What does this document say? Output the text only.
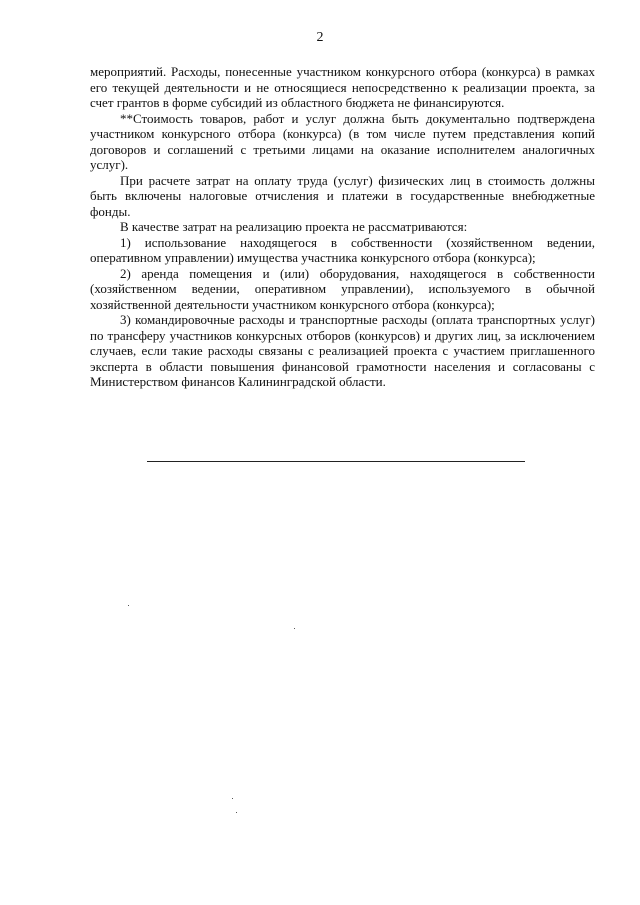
2

мероприятий. Расходы, понесенные участником конкурсного отбора (конкурса) в рамках его текущей деятельности и не относящиеся непосредственно к реализации проекта, за счет грантов в форме субсидий из областного бюджета не финансируются.

**Стоимость товаров, работ и услуг должна быть документально подтверждена участником конкурсного отбора (конкурса) (в том числе путем представления копий договоров и соглашений с третьими лицами на оказание исполнителем аналогичных услуг).

При расчете затрат на оплату труда (услуг) физических лиц в стоимость должны быть включены налоговые отчисления и платежи в государственные внебюджетные фонды.

В качестве затрат на реализацию проекта не рассматриваются:

1) использование находящегося в собственности (хозяйственном ведении, оперативном управлении) имущества участника конкурсного отбора (конкурса);

2) аренда помещения и (или) оборудования, находящегося в собственности (хозяйственном ведении, оперативном управлении), используемого в обычной хозяйственной деятельности участником конкурсного отбора (конкурса);

3) командировочные расходы и транспортные расходы (оплата транспортных услуг) по трансферу участников конкурсных отборов (конкурсов) и других лиц, за исключением случаев, если такие расходы связаны с реализацией проекта с участием приглашенного эксперта в области повышения финансовой грамотности населения и согласованы с Министерством финансов Калининградской области.
